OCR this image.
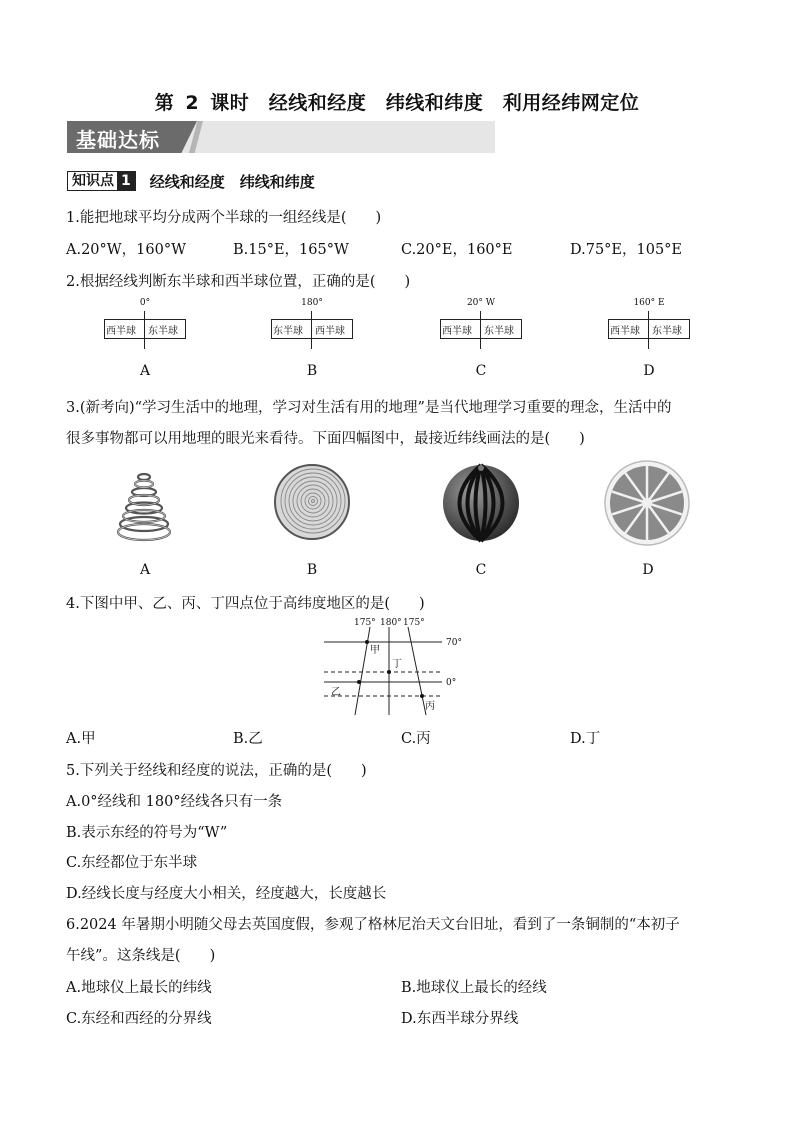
第 2 课时　经线和经度　纬线和纬度　利用经纬网定位
基础达标
知识点 1 经线和经度　纬线和纬度
1.能把地球平均分成两个半球的一组经线是(　　)
A.20°W，160°W	B.15°E，165°W	C.20°E，160°E	D.75°E，105°E
2.根据经线判断东半球和西半球位置，正确的是(　　)
0°
西半球 东半球
A
180°
东半球 西半球
B
20° W
西半球 东半球
C
160° E
西半球 东半球
D
3.(新考向)“学习生活中的地理，学习对生活有用的地理”是当代地理学习重要的理念，生活中的
很多事物都可以用地理的眼光来看待。下面四幅图中，最接近纬线画法的是(　　)
A	B	C	D
4.下图中甲、乙、丙、丁四点位于高纬度地区的是(　　)
175° 180° 175°
70°
0°
甲
丁
乙
丙
A.甲	B.乙	C.丙	D.丁
5.下列关于经线和经度的说法，正确的是(　　)
A.0°经线和 180°经线各只有一条
B.表示东经的符号为“W”
C.东经都位于东半球
D.经线长度与经度大小相关，经度越大，长度越长
6.2024 年暑期小明随父母去英国度假，参观了格林尼治天文台旧址，看到了一条铜制的“本初子
午线”。这条线是(　　)
A.地球仪上最长的纬线	B.地球仪上最长的经线
C.东经和西经的分界线	D.东西半球分界线
